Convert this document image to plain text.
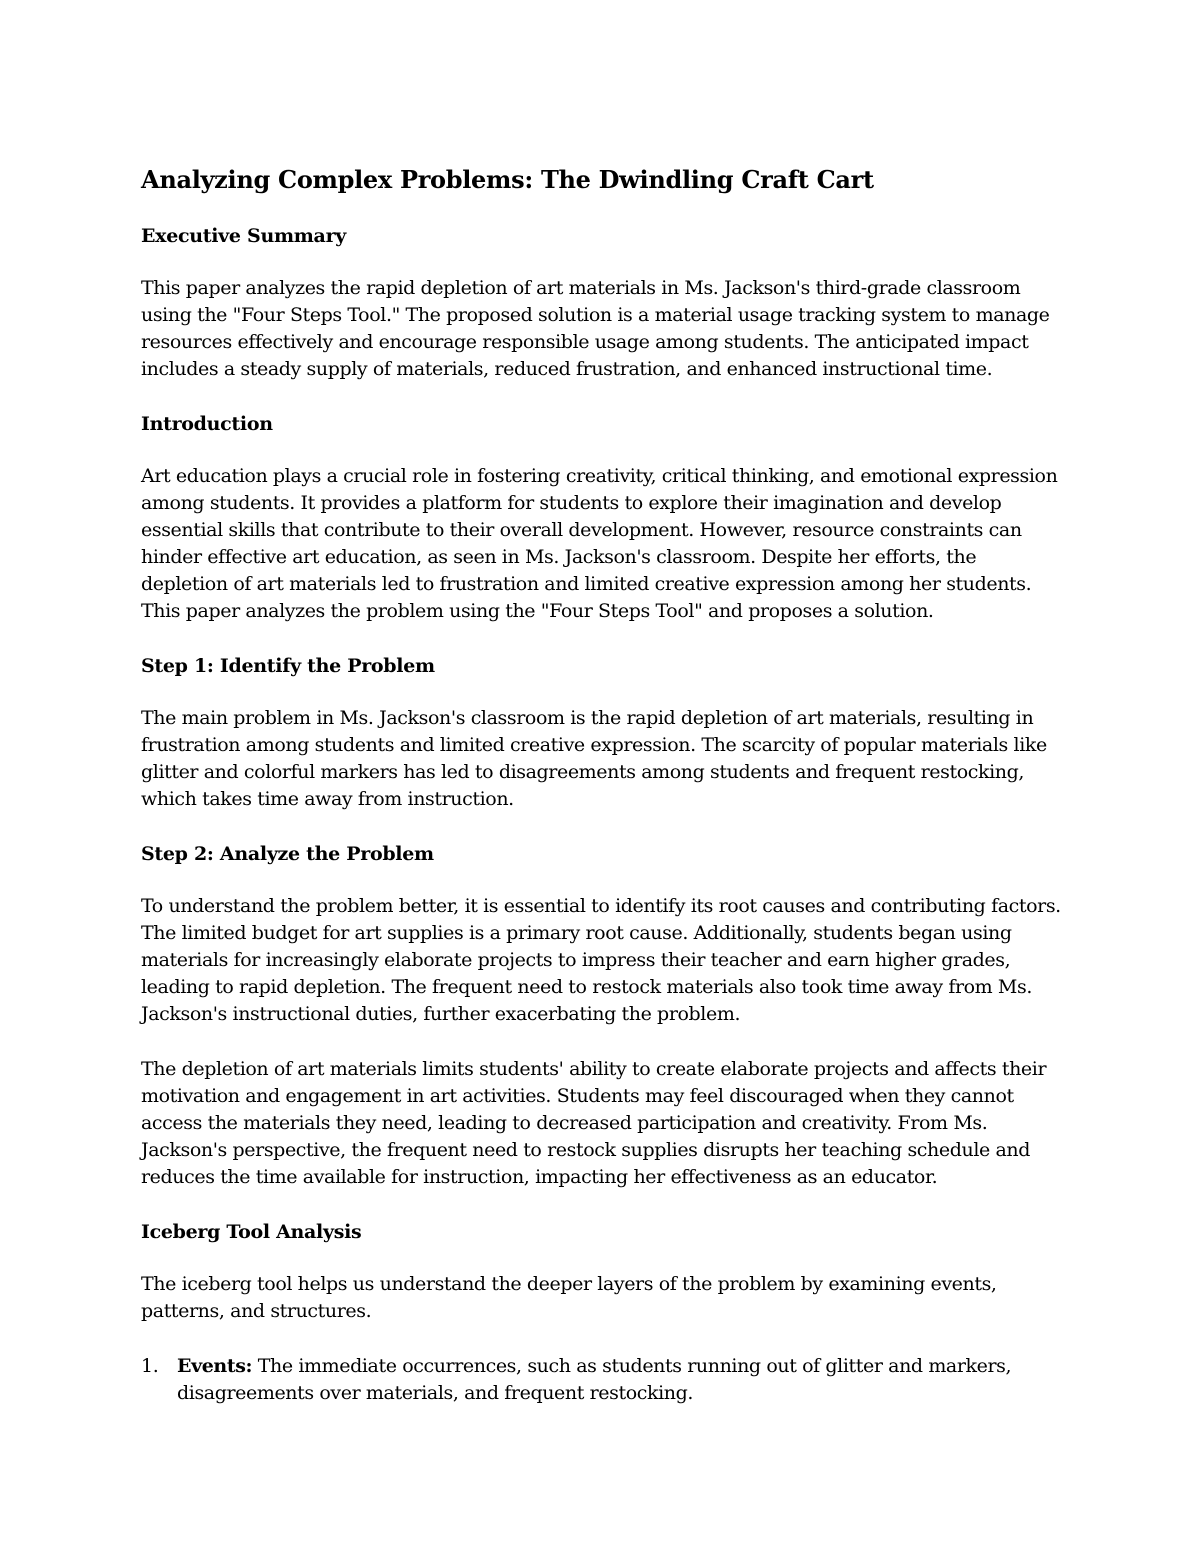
Analyzing Complex Problems: The Dwindling Craft Cart
Executive Summary

This paper analyzes the rapid depletion of art materials in Ms. Jackson's third-grade classroom using the "Four Steps Tool." The proposed solution is a material usage tracking system to manage resources effectively and encourage responsible usage among students. The anticipated impact includes a steady supply of materials, reduced frustration, and enhanced instructional time.

Introduction

Art education plays a crucial role in fostering creativity, critical thinking, and emotional expression among students. It provides a platform for students to explore their imagination and develop essential skills that contribute to their overall development. However, resource constraints can hinder effective art education, as seen in Ms. Jackson's classroom. Despite her efforts, the depletion of art materials led to frustration and limited creative expression among her students. This paper analyzes the problem using the "Four Steps Tool" and proposes a solution.

Step 1: Identify the Problem

The main problem in Ms. Jackson's classroom is the rapid depletion of art materials, resulting in frustration among students and limited creative expression. The scarcity of popular materials like glitter and colorful markers has led to disagreements among students and frequent restocking, which takes time away from instruction.

Step 2: Analyze the Problem

To understand the problem better, it is essential to identify its root causes and contributing factors. The limited budget for art supplies is a primary root cause. Additionally, students began using materials for increasingly elaborate projects to impress their teacher and earn higher grades, leading to rapid depletion. The frequent need to restock materials also took time away from Ms. Jackson's instructional duties, further exacerbating the problem.

The depletion of art materials limits students' ability to create elaborate projects and affects their motivation and engagement in art activities. Students may feel discouraged when they cannot access the materials they need, leading to decreased participation and creativity. From Ms. Jackson's perspective, the frequent need to restock supplies disrupts her teaching schedule and reduces the time available for instruction, impacting her effectiveness as an educator.

Iceberg Tool Analysis

The iceberg tool helps us understand the deeper layers of the problem by examining events, patterns, and structures.

1. Events: The immediate occurrences, such as students running out of glitter and markers, disagreements over materials, and frequent restocking.
